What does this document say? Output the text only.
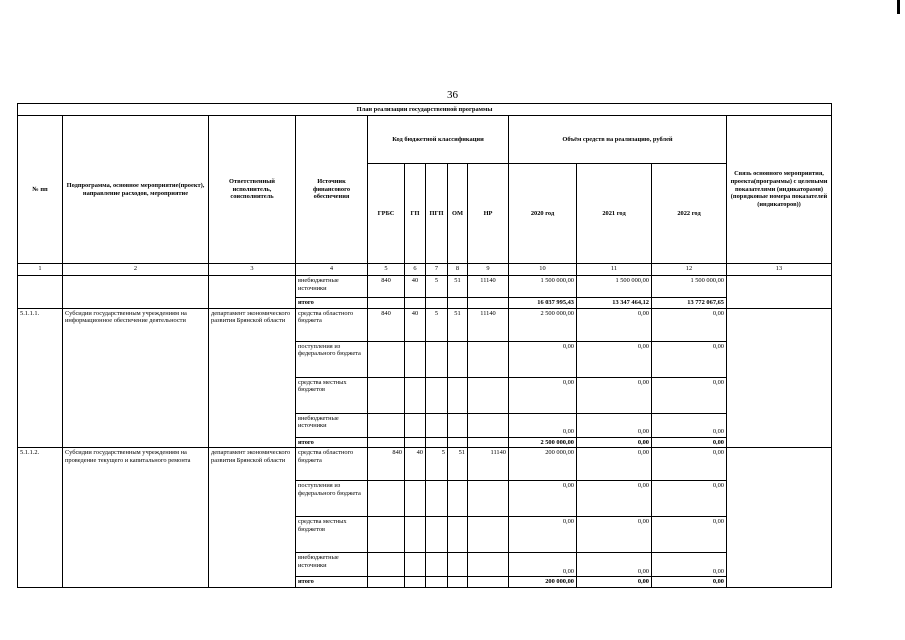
36
План реализации государственной программы												
№ пп	Подпрограмма, основное мероприятие(проект), направление расходов, мероприятие	Ответственный исполнитель, соисполнитель	Источник финансового обеспечения	Код бюджетной классификации					Объём средств на реализацию, рублей			Связь основного мероприятия, проекта(программы) с целевыми показателями (индикаторами) (порядковые номера показателей (индикаторов))
				ГРБС	ГП	ПГП	ОМ	НР	2020 год	2021 год	2022 год	
1	2	3	4	5	6	7	8	9	10	11	12	13
			внебюджетные источники	840	40	5	51	11140	1 500 000,00	1 500 000,00	1 500 000,00	
			итого						16 037 995,43	13 347 464,12	13 772 067,65	
5.1.1.1.	Субсидии государственным учреждениям на информационное обеспечение деятельности	департамент экономического развития Брянской области	средства областного бюджета	840	40	5	51	11140	2 500 000,00	0,00	0,00	
			поступления из федерального бюджета						0,00	0,00	0,00	
			средства местных бюджетов						0,00	0,00	0,00	
			внебюджетные источники						0,00	0,00	0,00	
			итого						2 500 000,00	0,00	0,00	
5.1.1.2.	Субсидии государственным учреждениям на проведение текущего и капитального ремонта	департамент экономического развития Брянской области	средства областного бюджета	840	40	5	51	11140	200 000,00	0,00	0,00	
			поступления из федерального бюджета						0,00	0,00	0,00	
			средства местных бюджетов						0,00	0,00	0,00	
			внебюджетные источники						0,00	0,00	0,00	
			итого						200 000,00	0,00	0,00	
